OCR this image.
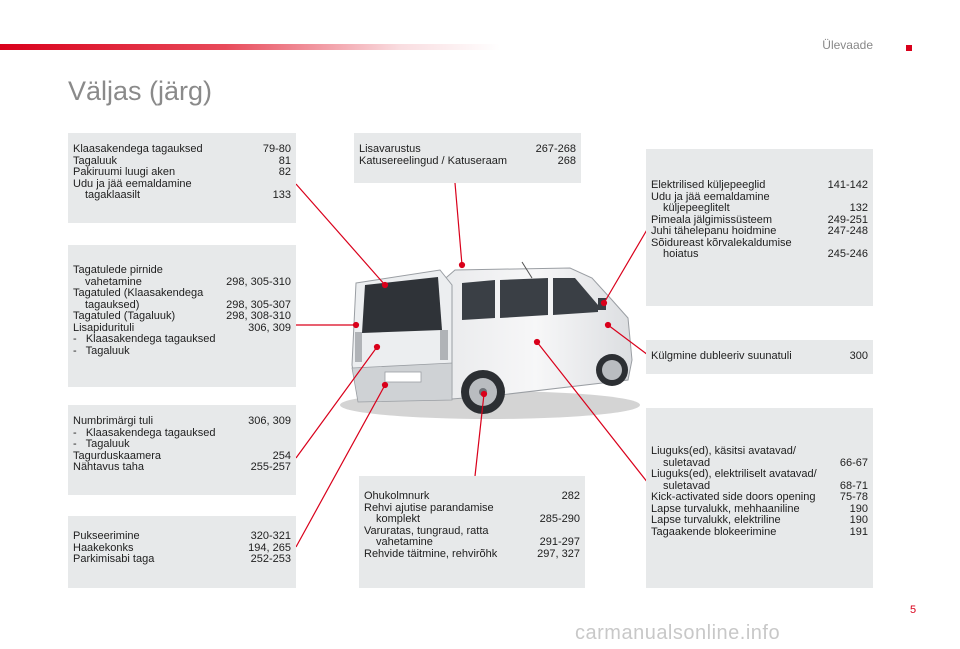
Ülevaade
Väljas (järg)
Klaasakendega tagauksed	79-80
Tagaluuk	81
Pakiruumi luugi aken	82
Udu ja jää eemaldamine
tagaklaasilt	133
Tagatulede pirnide
vahetamine	298, 305-310
Tagatuled (Klaasakendega
tagauksed)	298, 305-307
Tagatuled (Tagaluuk)	298, 308-310
Lisapidurituli	306, 309
-   Klaasakendega tagauksed
-   Tagaluuk
Numbrimärgi tuli	306, 309
-   Klaasakendega tagauksed
-   Tagaluuk
Tagurduskaamera	254
Nähtavus taha	255-257
Pukseerimine	320-321
Haakekonks	194, 265
Parkimisabi taga	252-253
Lisavarustus	267-268
Katusereelingud / Katuseraam	268
Ohukolmnurk	282
Rehvi ajutise parandamise
komplekt	285-290
Varuratas, tungraud, ratta
vahetamine	291-297
Rehvide täitmine, rehvirõhk	297, 327
Elektrilised küljepeeglid	141-142
Udu ja jää eemaldamine
küljepeeglitelt	132
Pimeala jälgimissüsteem	249-251
Juhi tähelepanu hoidmine	247-248
Sõidureast kõrvalekaldumise
hoiatus	245-246
Külgmine dubleeriv suunatuli	300
Liuguks(ed), käsitsi avatavad/
suletavad	66-67
Liuguks(ed), elektriliselt avatavad/
suletavad	68-71
Kick-activated side doors opening	75-78
Lapse turvalukk, mehhaaniline	190
Lapse turvalukk, elektriline	190
Tagaakende blokeerimine	191
5
carmanualsonline.info
